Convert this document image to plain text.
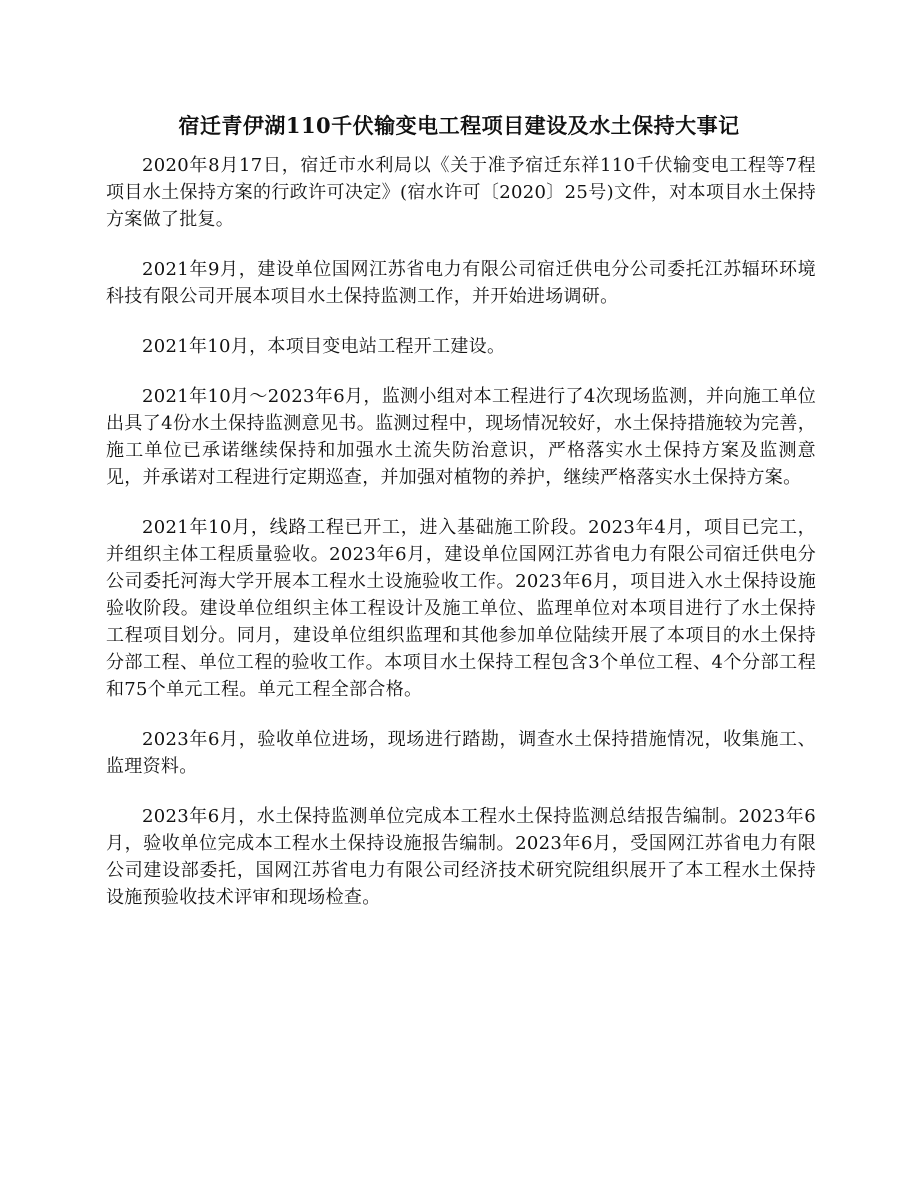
宿迁青伊湖110千伏输变电工程项目建设及水土保持大事记

2020年8月17日，宿迁市水利局以《关于准予宿迁东祥110千伏输变电工程等7程项目水土保持方案的行政许可决定》(宿水许可〔2020〕25号)文件，对本项目水土保持方案做了批复。

2021年9月，建设单位国网江苏省电力有限公司宿迁供电分公司委托江苏辐环环境科技有限公司开展本项目水土保持监测工作，并开始进场调研。

2021年10月，本项目变电站工程开工建设。

2021年10月～2023年6月，监测小组对本工程进行了4次现场监测，并向施工单位出具了4份水土保持监测意见书。监测过程中，现场情况较好，水土保持措施较为完善，施工单位已承诺继续保持和加强水土流失防治意识，严格落实水土保持方案及监测意见，并承诺对工程进行定期巡查，并加强对植物的养护，继续严格落实水土保持方案。

2021年10月，线路工程已开工，进入基础施工阶段。2023年4月，项目已完工，并组织主体工程质量验收。2023年6月，建设单位国网江苏省电力有限公司宿迁供电分公司委托河海大学开展本工程水土设施验收工作。2023年6月，项目进入水土保持设施验收阶段。建设单位组织主体工程设计及施工单位、监理单位对本项目进行了水土保持工程项目划分。同月，建设单位组织监理和其他参加单位陆续开展了本项目的水土保持分部工程、单位工程的验收工作。本项目水土保持工程包含3个单位工程、4个分部工程和75个单元工程。单元工程全部合格。

2023年6月，验收单位进场，现场进行踏勘，调查水土保持措施情况，收集施工、监理资料。

2023年6月，水土保持监测单位完成本工程水土保持监测总结报告编制。2023年6月，验收单位完成本工程水土保持设施报告编制。2023年6月，受国网江苏省电力有限公司建设部委托，国网江苏省电力有限公司经济技术研究院组织展开了本工程水土保持设施预验收技术评审和现场检查。
